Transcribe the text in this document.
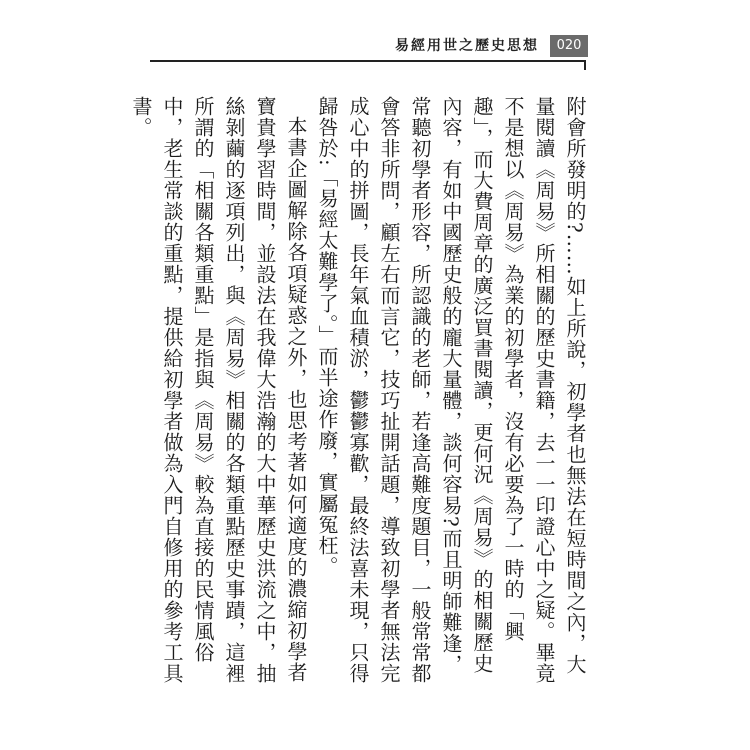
易經用世之歷史思想	020

附會所發明的?……如上所說，初學者也無法在短時間之內，大量閱讀《周易》所相關的歷史書籍，去一一印證心中之疑。畢竟不是想以《周易》為業的初學者，沒有必要為了一時的「興趣」，而大費周章的廣泛買書閱讀，更何況《周易》的相關歷史內容，有如中國歷史般的龐大量體，談何容易?而且明師難逢，常聽初學者形容，所認識的老師，若逢高難度題目，一般常常都會答非所問，顧左右而言它，技巧扯開話題，導致初學者無法完成心中的拼圖，長年氣血積淤，鬱鬱寡歡，最終法喜未現，只得歸咎於:「易經太難學了。」而半途作廢，實屬冤枉。

本書企圖解除各項疑惑之外，也思考著如何適度的濃縮初學者寶貴學習時間，並設法在我偉大浩瀚的大中華歷史洪流之中，抽絲剝繭的逐項列出，與《周易》相關的各類重點歷史事蹟，這裡所謂的「相關各類重點」是指與《周易》較為直接的民情風俗中，老生常談的重點，提供給初學者做為入門自修用的參考工具書。
